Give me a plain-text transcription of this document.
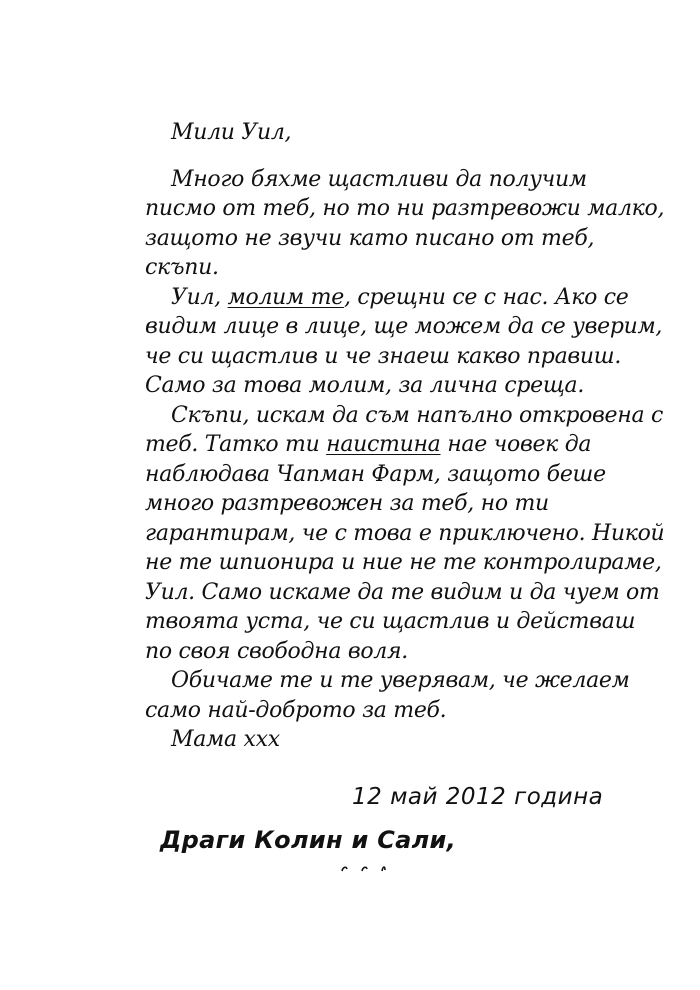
Мили Уил,
Много бяхме щастливи да получим
писмо от теб, но то ни разтревожи малко,
защото не звучи като писано от теб,
скъпи.
Уил, молим те, срещни се с нас. Ако се
видим лице в лице, ще можем да се уверим,
че си щастлив и че знаеш какво правиш.
Само за това молим, за лична среща.
Скъпи, искам да съм напълно откровена с
теб. Татко ти наистина нае човек да
наблюдава Чапман Фарм, защото беше
много разтревожен за теб, но ти
гарантирам, че с това е приключено. Никой
не те шпионира и ние не те контролираме,
Уил. Само искаме да те видим и да чуем от
твоята уста, че си щастлив и действаш
по своя свободна воля.
Обичаме те и те уверявам, че желаем
само най-доброто за теб.
Мама ххх
12 май 2012 година
Драги Колин и Сали,
